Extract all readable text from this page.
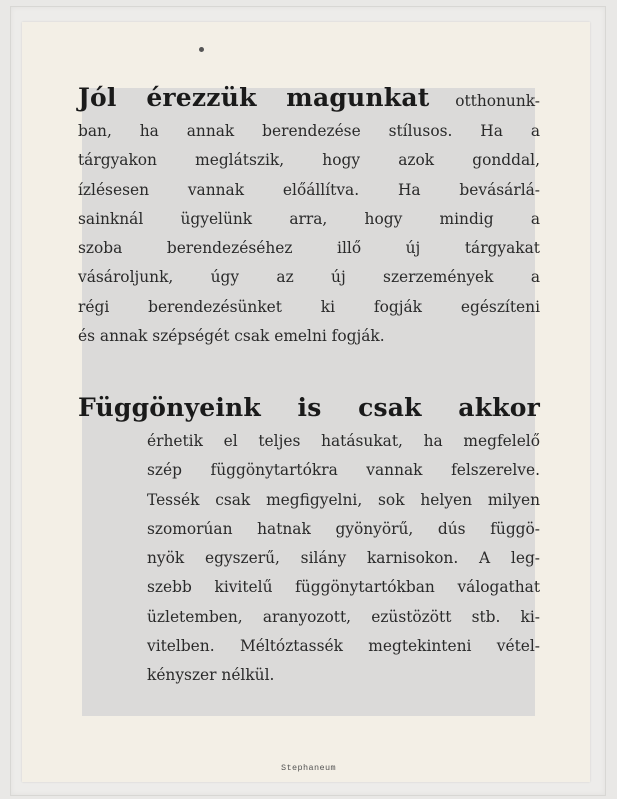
Jól érezzük magunkat otthonunk-
ban, ha annak berendezése stílusos. Ha a
tárgyakon meglátszik, hogy azok gonddal,
ízlésesen vannak előállítva. Ha bevásárlá-
sainknál ügyelünk arra, hogy mindig a
szoba berendezéséhez illő új tárgyakat
vásároljunk, úgy az új szerzemények a
régi berendezésünket ki fogják egészíteni
és annak szépségét csak emelni fogják.
Függönyeink is csak akkor
érhetik el teljes hatásukat, ha megfelelő
szép függönytartókra vannak felszerelve.
Tessék csak megfigyelni, sok helyen milyen
szomorúan hatnak gyönyörű, dús függö-
nyök egyszerű, silány karnisokon. A leg-
szebb kivitelű függönytartókban válogathat
üzletemben, aranyozott, ezüstözött stb. ki-
vitelben. Méltóztassék megtekinteni vétel-
kényszer nélkül.
Stephaneum
